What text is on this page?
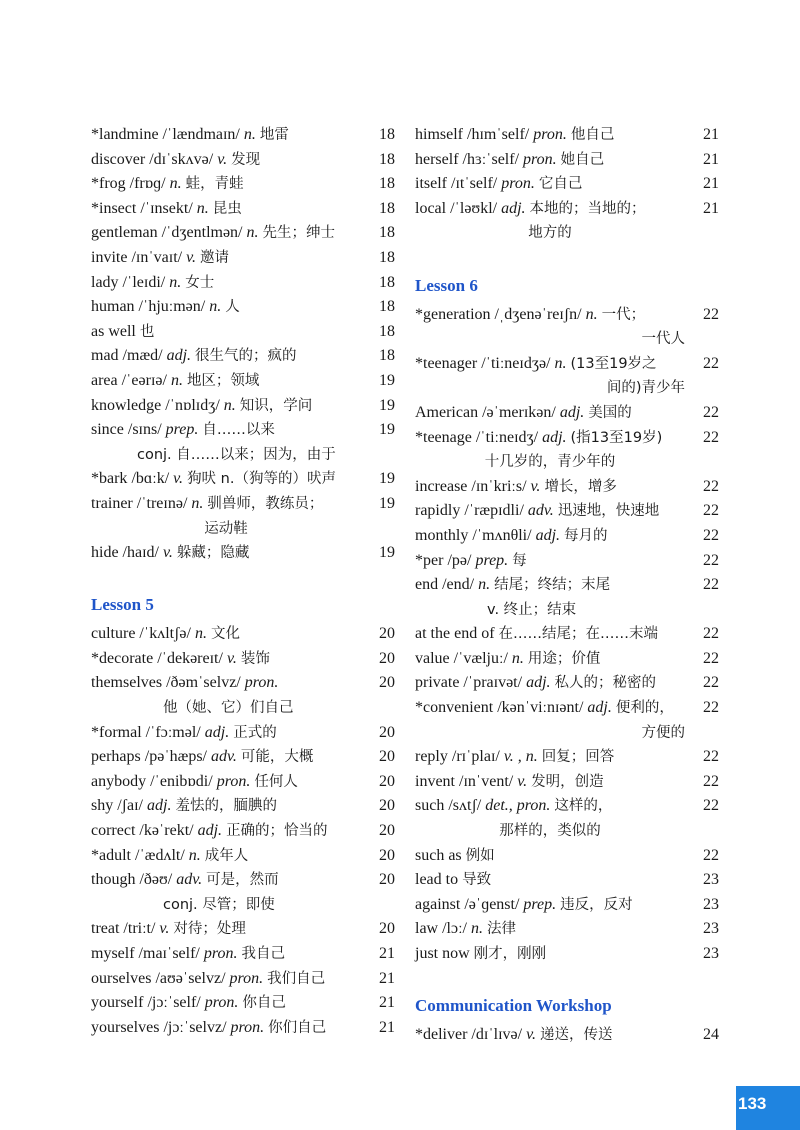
*landmine /ˈlændmaɪn/ n. 地雷	18
discover /dɪˈskʌvə/ v. 发现	18
*frog /frɒɡ/ n. 蛙，青蛙	18
*insect /ˈɪnsekt/ n. 昆虫	18
gentleman /ˈdʒentlmən/ n. 先生；绅士	18
invite /ɪnˈvaɪt/ v. 邀请	18
lady /ˈleɪdi/ n. 女士	18
human /ˈhjuːmən/ n. 人	18
as well 也	18
mad /mæd/ adj. 很生气的；疯的	18
area /ˈeərɪə/ n. 地区；领域	19
knowledge /ˈnɒlɪdʒ/ n. 知识，学问	19
since /sɪns/ prep. 自……以来	19
conj. 自……以来；因为，由于
*bark /bɑːk/ v. 狗吠 n.（狗等的）吠声	19
trainer /ˈtreɪnə/ n. 驯兽师，教练员；	19
运动鞋
hide /haɪd/ v. 躲藏；隐藏	19
Lesson 5
culture /ˈkʌltʃə/ n. 文化	20
*decorate /ˈdekəreɪt/ v. 装饰	20
themselves /ðəmˈselvz/ pron.	20
他（她、它）们自己
*formal /ˈfɔːməl/ adj. 正式的	20
perhaps /pəˈhæps/ adv. 可能，大概	20
anybody /ˈenibɒdi/ pron. 任何人	20
shy /ʃaɪ/ adj. 羞怯的，腼腆的	20
correct /kəˈrekt/ adj. 正确的；恰当的	20
*adult /ˈædʌlt/ n. 成年人	20
though /ðəʊ/ adv. 可是，然而	20
conj. 尽管；即使
treat /triːt/ v. 对待；处理	20
myself /maɪˈself/ pron. 我自己	21
ourselves /aʊəˈselvz/ pron. 我们自己	21
yourself /jɔːˈself/ pron. 你自己	21
yourselves /jɔːˈselvz/ pron. 你们自己	21
himself /hɪmˈself/ pron. 他自己	21
herself /hɜːˈself/ pron. 她自己	21
itself /ɪtˈself/ pron. 它自己	21
local /ˈləʊkl/ adj. 本地的；当地的；	21
地方的
Lesson 6
*generation /ˌdʒenəˈreɪʃn/ n. 一代；	22
一代人
*teenager /ˈtiːneɪdʒə/ n. (13至19岁之	22
间的)青少年
American /əˈmerɪkən/ adj. 美国的	22
*teenage /ˈtiːneɪdʒ/ adj. (指13至19岁)	22
十几岁的，青少年的
increase /ɪnˈkriːs/ v. 增长，增多	22
rapidly /ˈræpɪdli/ adv. 迅速地，快速地	22
monthly /ˈmʌnθli/ adj. 每月的	22
*per /pə/ prep. 每	22
end /end/ n. 结尾；终结；末尾	22
v. 终止；结束
at the end of 在……结尾；在……末端	22
value /ˈvæljuː/ n. 用途；价值	22
private /ˈpraɪvət/ adj. 私人的；秘密的	22
*convenient /kənˈviːnɪənt/ adj. 便利的， 22
方便的
reply /rɪˈplaɪ/ v. , n. 回复；回答	22
invent /ɪnˈvent/ v. 发明，创造	22
such /sʌtʃ/ det., pron. 这样的，	22
那样的，类似的
such as 例如	22
lead to 导致	23
against /əˈɡenst/ prep. 违反，反对	23
law /lɔː/ n. 法律	23
just now 刚才，刚刚	23
Communication Workshop
*deliver /dɪˈlɪvə/ v. 递送，传送	24
133
